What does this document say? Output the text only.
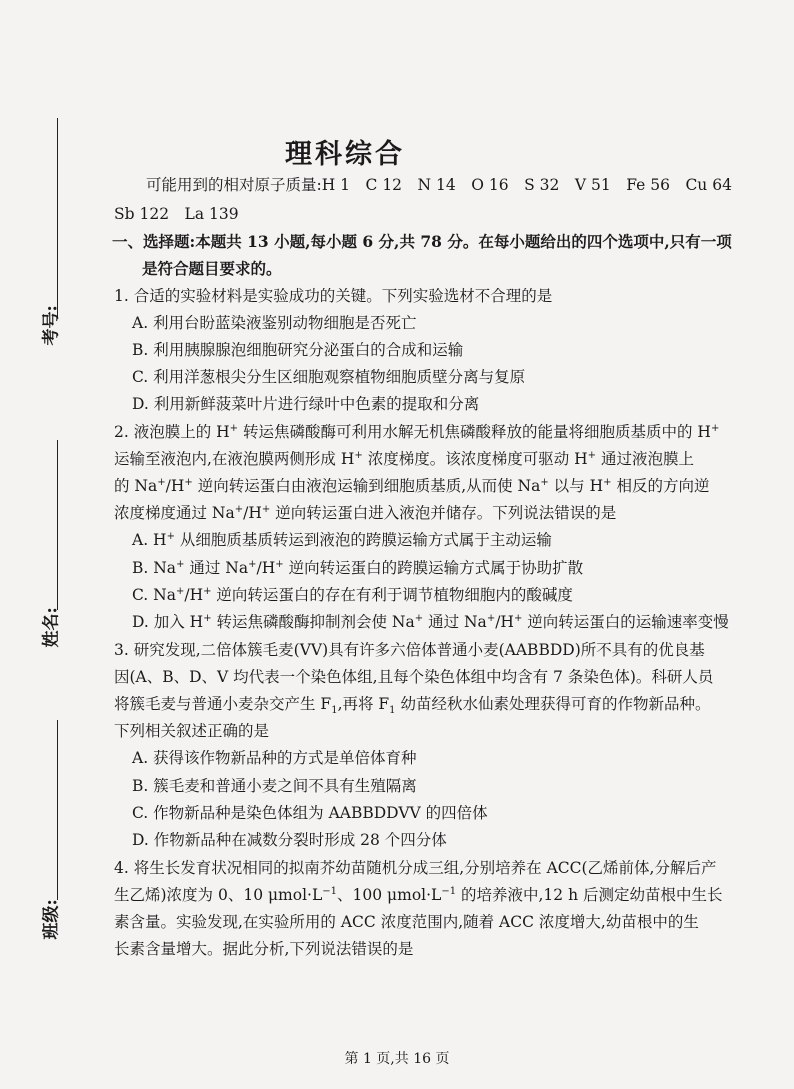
考号:
姓名:
班级:
理科综合
可能用到的相对原子质量:H 1　C 12　N 14　O 16　S 32　V 51　Fe 56　Cu 64
Sb 122　La 139
一、选择题:本题共 13 小题,每小题 6 分,共 78 分。在每小题给出的四个选项中,只有一项
是符合题目要求的。
1. 合适的实验材料是实验成功的关键。下列实验选材不合理的是
A. 利用台盼蓝染液鉴别动物细胞是否死亡
B. 利用胰腺腺泡细胞研究分泌蛋白的合成和运输
C. 利用洋葱根尖分生区细胞观察植物细胞质壁分离与复原
D. 利用新鲜菠菜叶片进行绿叶中色素的提取和分离
2. 液泡膜上的 H+ 转运焦磷酸酶可利用水解无机焦磷酸释放的能量将细胞质基质中的 H+
运输至液泡内,在液泡膜两侧形成 H+ 浓度梯度。该浓度梯度可驱动 H+ 通过液泡膜上
的 Na+/H+ 逆向转运蛋白由液泡运输到细胞质基质,从而使 Na+ 以与 H+ 相反的方向逆
浓度梯度通过 Na+/H+ 逆向转运蛋白进入液泡并储存。下列说法错误的是
A. H+ 从细胞质基质转运到液泡的跨膜运输方式属于主动运输
B. Na+ 通过 Na+/H+ 逆向转运蛋白的跨膜运输方式属于协助扩散
C. Na+/H+ 逆向转运蛋白的存在有利于调节植物细胞内的酸碱度
D. 加入 H+ 转运焦磷酸酶抑制剂会使 Na+ 通过 Na+/H+ 逆向转运蛋白的运输速率变慢
3. 研究发现,二倍体簇毛麦(VV)具有许多六倍体普通小麦(AABBDD)所不具有的优良基
因(A、B、D、V 均代表一个染色体组,且每个染色体组中均含有 7 条染色体)。科研人员
将簇毛麦与普通小麦杂交产生 $F_1$,再将 $F_1$ 幼苗经秋水仙素处理获得可育的作物新品种。
下列相关叙述正确的是
A. 获得该作物新品种的方式是单倍体育种
B. 簇毛麦和普通小麦之间不具有生殖隔离
C. 作物新品种是染色体组为 AABBDDVV 的四倍体
D. 作物新品种在减数分裂时形成 28 个四分体
4. 将生长发育状况相同的拟南芥幼苗随机分成三组,分别培养在 ACC(乙烯前体,分解后产
生乙烯)浓度为 0、10 $\mu mol\cdot L^{-1}$、100 $\mu mol\cdot L^{-1}$ 的培养液中,12 h 后测定幼苗根中生长
素含量。实验发现,在实验所用的 ACC 浓度范围内,随着 ACC 浓度增大,幼苗根中的生
长素含量增大。据此分析,下列说法错误的是
第 1 页,共 16 页
